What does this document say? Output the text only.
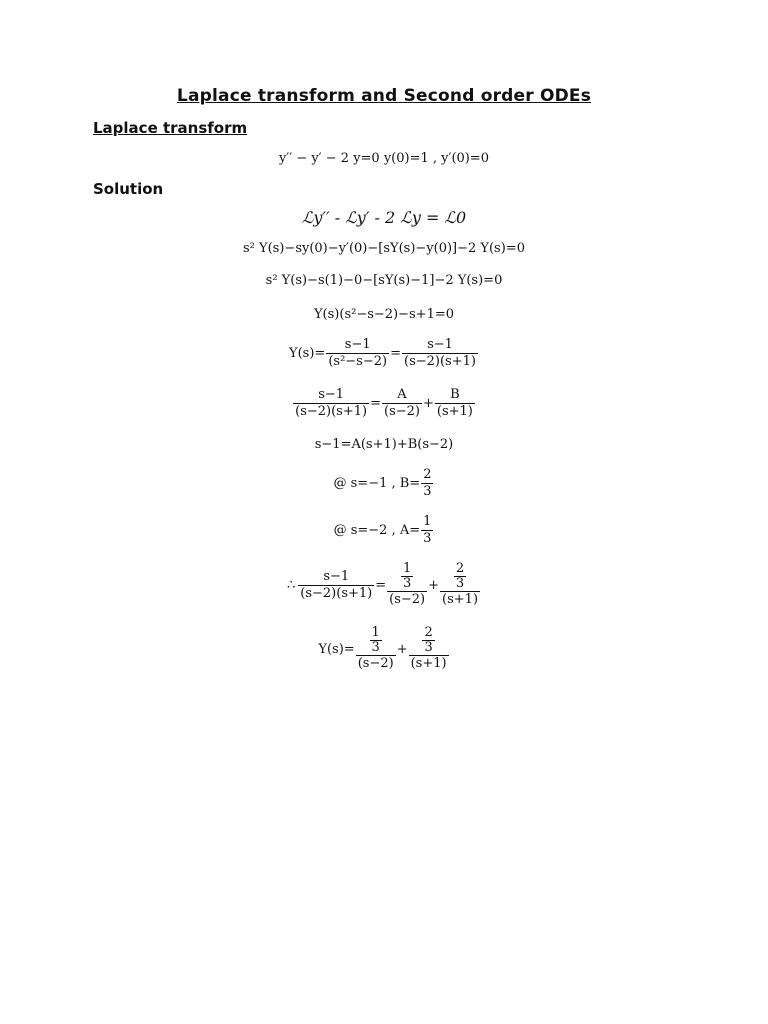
Laplace transform and Second order ODEs
Laplace transform
y′′ − y′ − 2 y=0 y(0)=1 , y′(0)=0
Solution
ℒy′′ - ℒy′ - 2 ℒy = ℒ0
s² Y(s)−sy(0)−y′(0)−[sY(s)−y(0)]−2 Y(s)=0
s² Y(s)−s(1)−0−[sY(s)−1]−2 Y(s)=0
Y(s)(s²−s−2)−s+1=0
$Y(s)= \frac{s-1}{\text{(s²−s−2)}} = \frac{s-1}{(s-2)(s+1)}$
$\frac{s-1}{(s-2)(s+1)} = \frac{A}{(s-2)} + \frac{B}{(s+1)}$
s−1=A(s+1)+B(s−2)
@ s=−1 , $B= \frac{2}{3}$
@ s=−2 , $A= \frac{1}{3}$
∴ $\frac{s-1}{(s-2)(s+1)} = \frac{\frac{1}{3}}{(s-2)} + \frac{\frac{2}{3}}{(s+1)}$
$Y(s)= \frac{\frac{1}{3}}{(s-2)} + \frac{\frac{2}{3}}{(s+1)}$
